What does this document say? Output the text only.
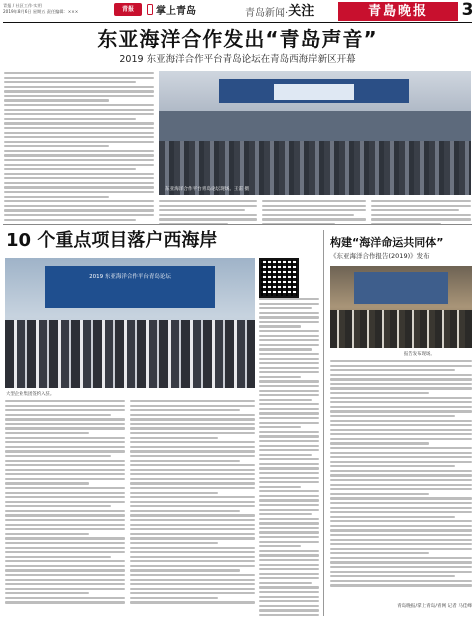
青报 / 社区工作·实用
2019年8月6日 星期五 责任编辑：×××	青报	掌上青岛	青岛新闻 · 关注	青島晚报	3
东亚海洋合作发出“青岛声音”
2019 东亚海洋合作平台青岛论坛在青岛西海岸新区开幕
东亚海洋合作平台青岛论坛现场。王雷 摄
10 个重点项目落户西海岸
2019 东亚海洋合作平台青岛论坛
大型企业集团签约入驻。
构建“海洋命运共同体”
《东亚海洋合作报告(2019)》发布
报告发布现场。
青岛晚报/掌上青岛/青网 记者 马佳峰
